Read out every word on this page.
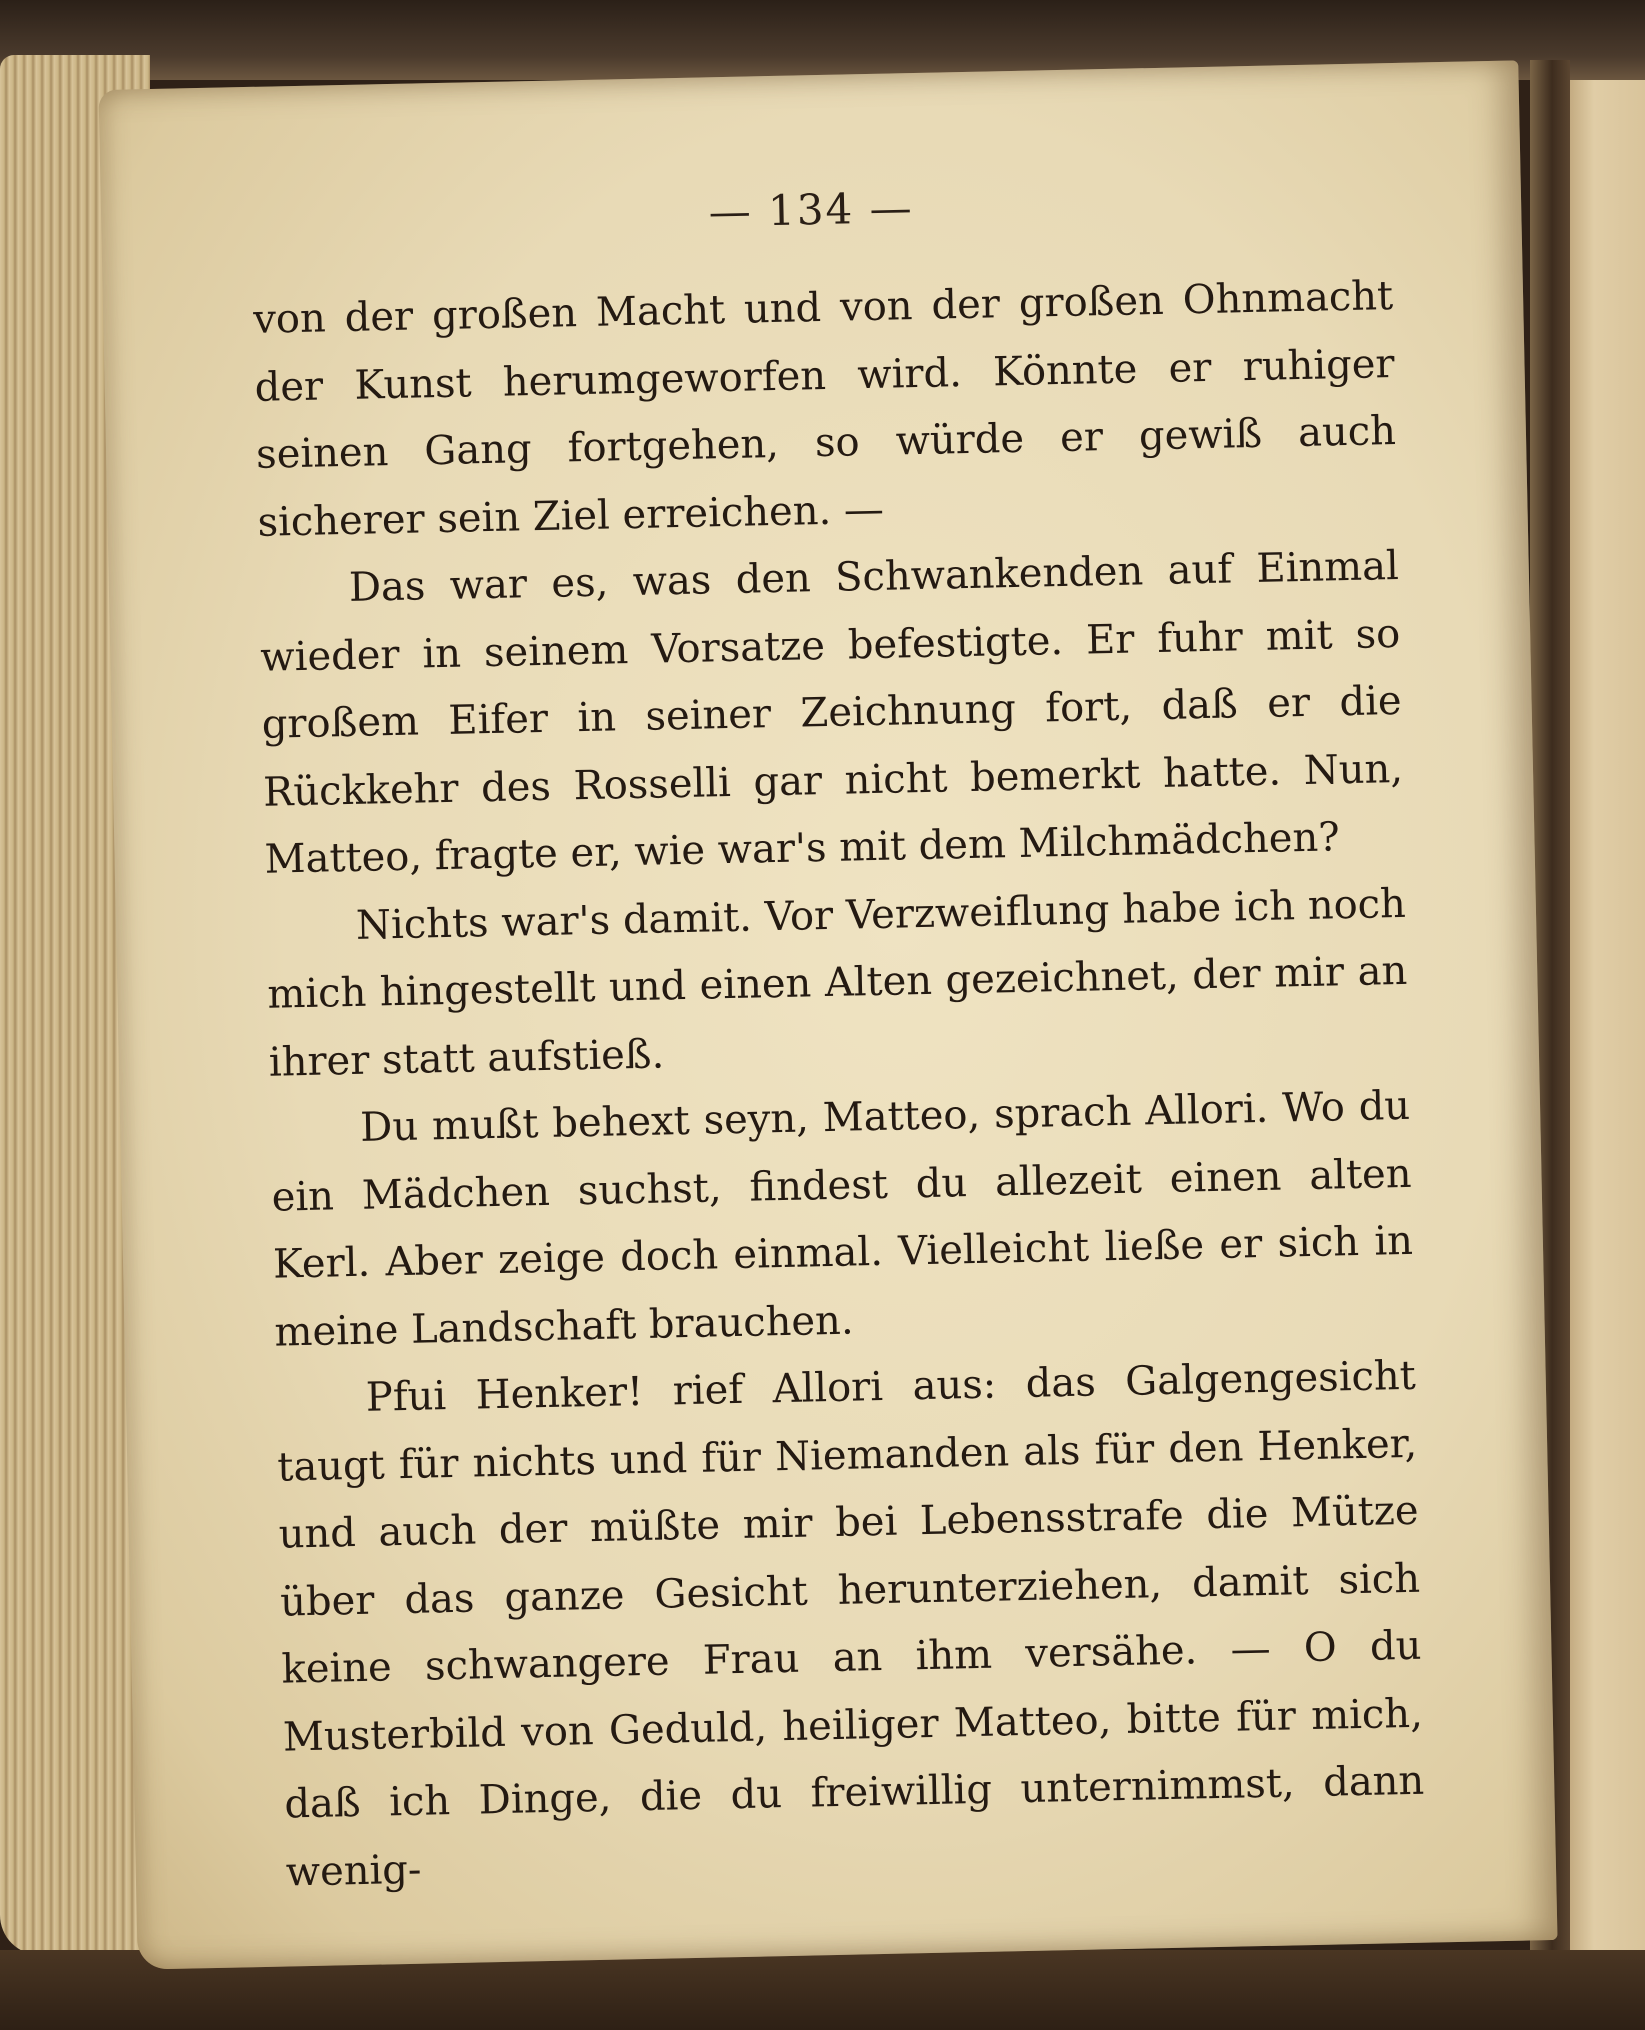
— 134 —

von der großen Macht und von der großen Ohnmacht der Kunst herumgeworfen wird. Könnte er ruhiger seinen Gang fortgehen, so würde er gewiß auch sicherer sein Ziel erreichen. —

Das war es, was den Schwankenden auf Einmal wieder in seinem Vorsatze befestigte. Er fuhr mit so großem Eifer in seiner Zeichnung fort, daß er die Rückkehr des Rosselli gar nicht bemerkt hatte. Nun, Matteo, fragte er, wie war's mit dem Milchmädchen?

Nichts war's damit. Vor Verzweiflung habe ich noch mich hingestellt und einen Alten gezeichnet, der mir an ihrer statt aufstieß.

Du mußt behext seyn, Matteo, sprach Allori. Wo du ein Mädchen suchst, findest du allezeit einen alten Kerl. Aber zeige doch einmal. Vielleicht ließe er sich in meine Landschaft brauchen.

Pfui Henker! rief Allori aus: das Galgengesicht taugt für nichts und für Niemanden als für den Henker, und auch der müßte mir bei Lebensstrafe die Mütze über das ganze Gesicht herunterziehen, damit sich keine schwangere Frau an ihm versähe. — O du Musterbild von Geduld, heiliger Matteo, bitte für mich, daß ich Dinge, die du freiwillig unternimmst, dann wenig-
